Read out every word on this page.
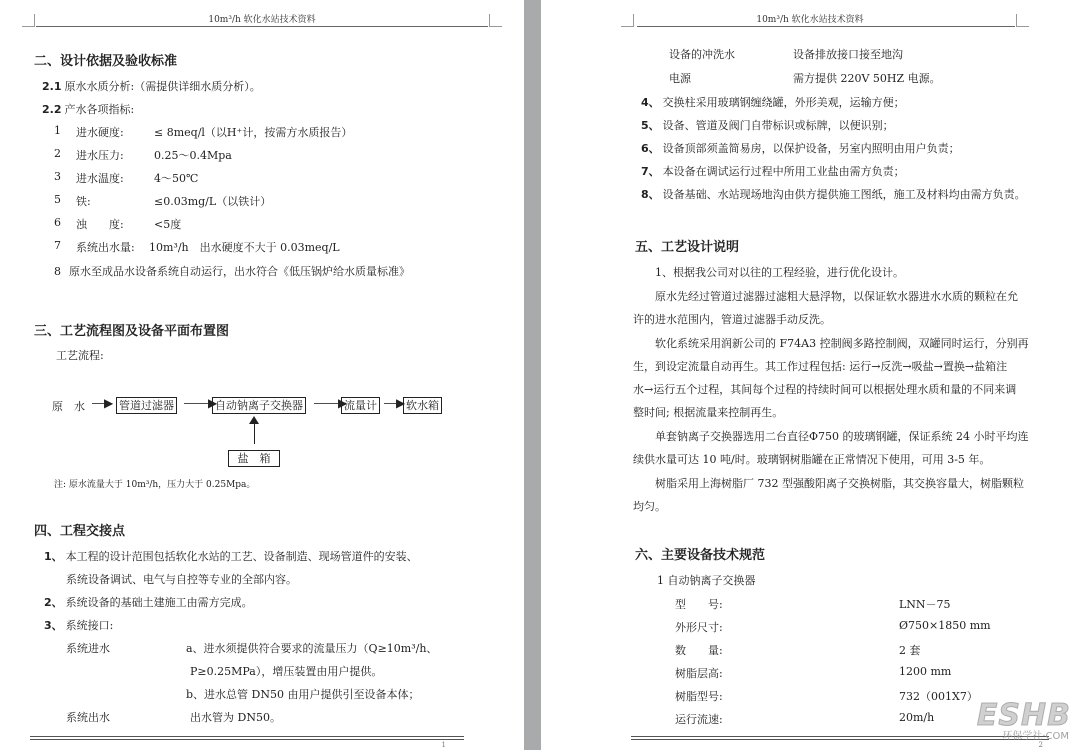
10m³/h 软化水站技术资料
二、设计依据及验收标准
2.1 原水水质分析:（需提供详细水质分析）。
2.2 产水各项指标:
1 进水硬度:	≤ 8meq/l（以H⁺计，按需方水质报告）
2 进水压力:	0.25～0.4Mpa
3 进水温度:	4～50℃
5 铁:	≤0.03mg/L（以铁计）
6 浊　　度:	<5度
7 系统出水量: 10m³/h　出水硬度不大于 0.03meq/L
8 原水至成品水设备系统自动运行，出水符合《低压锅炉给水质量标准》
三、工艺流程图及设备平面布置图
工艺流程:
原　水 ―▶ 管道过滤器 ――▶
自动钠离子交换器 ――▶
流量计 ―▶ 软水箱
盐　箱
注: 原水流量大于 10m³/h，压力大于 0.25Mpa。
四、工程交接点
1、 本工程的设计范围包括软化水站的工艺、设备制造、现场管道件的安装、
系统设备调试、电气与自控等专业的全部内容。
2、 系统设备的基础土建施工由需方完成。
3、 系统接口:
系统进水	a、进水须提供符合要求的流量压力（Q≥10m³/h、
P≥0.25MPa），增压装置由用户提供。
b、进水总管 DN50 由用户提供引至设备本体；
系统出水	出水管为 DN50。
1
10m³/h 软化水站技术资料
设备的冲洗水	设备排放接口接至地沟
电源	需方提供 220V 50HZ 电源。
4、 交换柱采用玻璃钢缠绕罐，外形美观，运输方便；
5、 设备、管道及阀门自带标识或标牌，以便识别；
6、 设备顶部须盖简易房，以保护设备，另室内照明由用户负责；
7、 本设备在调试运行过程中所用工业盐由需方负责；
8、 设备基础、水站现场地沟由供方提供施工图纸，施工及材料均由需方负责。
五、工艺设计说明
1、根据我公司对以往的工程经验，进行优化设计。
原水先经过管道过滤器过滤粗大悬浮物，以保证软水器进水水质的颗粒在允
许的进水范围内，管道过滤器手动反洗。
软化系统采用润新公司的 F74A3 控制阀多路控制阀，双罐同时运行，分别再
生，到设定流量自动再生。其工作过程包括: 运行→反洗→吸盐→置换→盐箱注
水→运行五个过程，其间每个过程的持续时间可以根据处理水质和量的不同来调
整时间; 根据流量来控制再生。
单套钠离子交换器选用二台直径Φ750 的玻璃钢罐，保证系统 24 小时平均连
续供水量可达 10 吨/时。玻璃钢树脂罐在正常情况下使用，可用 3-5 年。
树脂采用上海树脂厂 732 型强酸阳离子交换树脂，其交换容量大，树脂颗粒
均匀。
六、主要设备技术规范
1 自动钠离子交换器
型　　号:	LNN－75
外形尺寸:	Ø750×1850 mm
数　　量:	2 套
树脂层高:	1200 mm
树脂型号:	732（001X7）
运行流速:	20m/h
2
ESHB
环保学社·COM
